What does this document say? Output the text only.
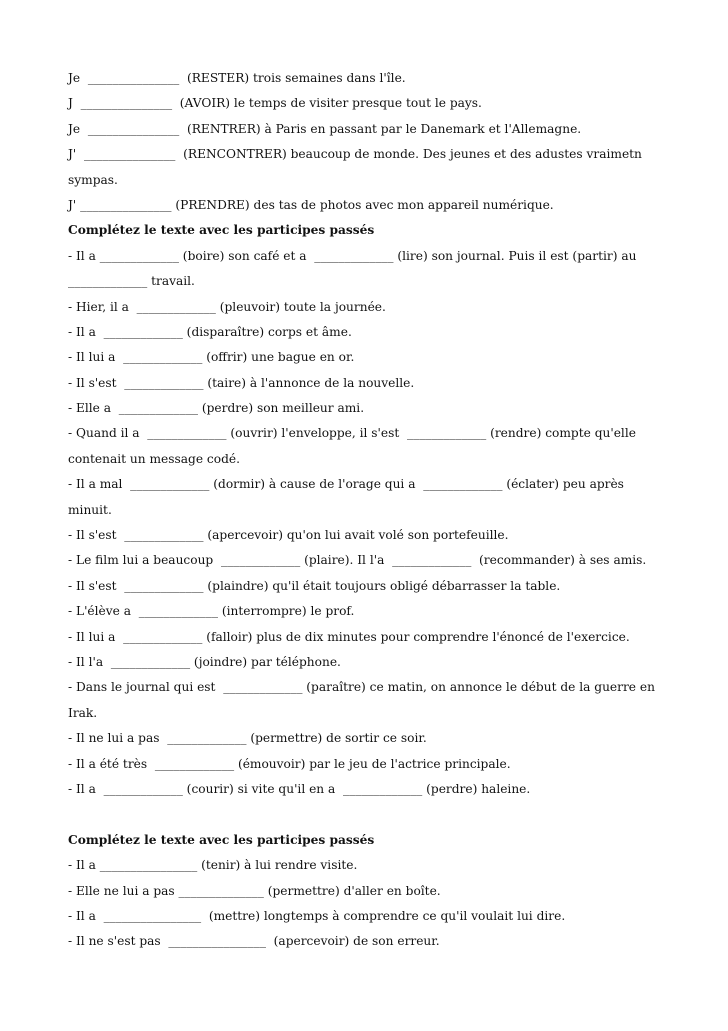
Je  _______________  (RESTER) trois semaines dans l'île.
J  _______________  (AVOIR) le temps de visiter presque tout le pays.
Je  _______________  (RENTRER) à Paris en passant par le Danemark et l'Allemagne.
J'  _______________  (RENCONTRER) beaucoup de monde. Des jeunes et des adustes vraimetn
sympas.
J' _______________ (PRENDRE) des tas de photos avec mon appareil numérique.
Complétez le texte avec les participes passés
- Il a _____________ (boire) son café et a  _____________ (lire) son journal. Puis il est (partir) au
_____________ travail.
- Hier, il a  _____________ (pleuvoir) toute la journée.
- Il a  _____________ (disparaître) corps et âme.
- Il lui a  _____________ (offrir) une bague en or.
- Il s'est  _____________ (taire) à l'annonce de la nouvelle.
- Elle a  _____________ (perdre) son meilleur ami.
- Quand il a  _____________ (ouvrir) l'enveloppe, il s'est  _____________ (rendre) compte qu'elle
contenait un message codé.
- Il a mal  _____________ (dormir) à cause de l'orage qui a  _____________ (éclater) peu après
minuit.
- Il s'est  _____________ (apercevoir) qu'on lui avait volé son portefeuille.
- Le film lui a beaucoup  _____________ (plaire). Il l'a  _____________  (recommander) à ses amis.
- Il s'est  _____________ (plaindre) qu'il était toujours obligé débarrasser la table.
- L'élève a  _____________ (interrompre) le prof.
- Il lui a  _____________ (falloir) plus de dix minutes pour comprendre l'énoncé de l'exercice.
- Il l'a  _____________ (joindre) par téléphone.
- Dans le journal qui est  _____________ (paraître) ce matin, on annonce le début de la guerre en
Irak.
- Il ne lui a pas  _____________ (permettre) de sortir ce soir.
- Il a été très  _____________ (émouvoir) par le jeu de l'actrice principale.
- Il a  _____________ (courir) si vite qu'il en a  _____________ (perdre) haleine.
Complétez le texte avec les participes passés
- Il a ________________ (tenir) à lui rendre visite.
- Elle ne lui a pas ______________ (permettre) d'aller en boîte.
- Il a  ________________  (mettre) longtemps à comprendre ce qu'il voulait lui dire.
- Il ne s'est pas  ________________  (apercevoir) de son erreur.
